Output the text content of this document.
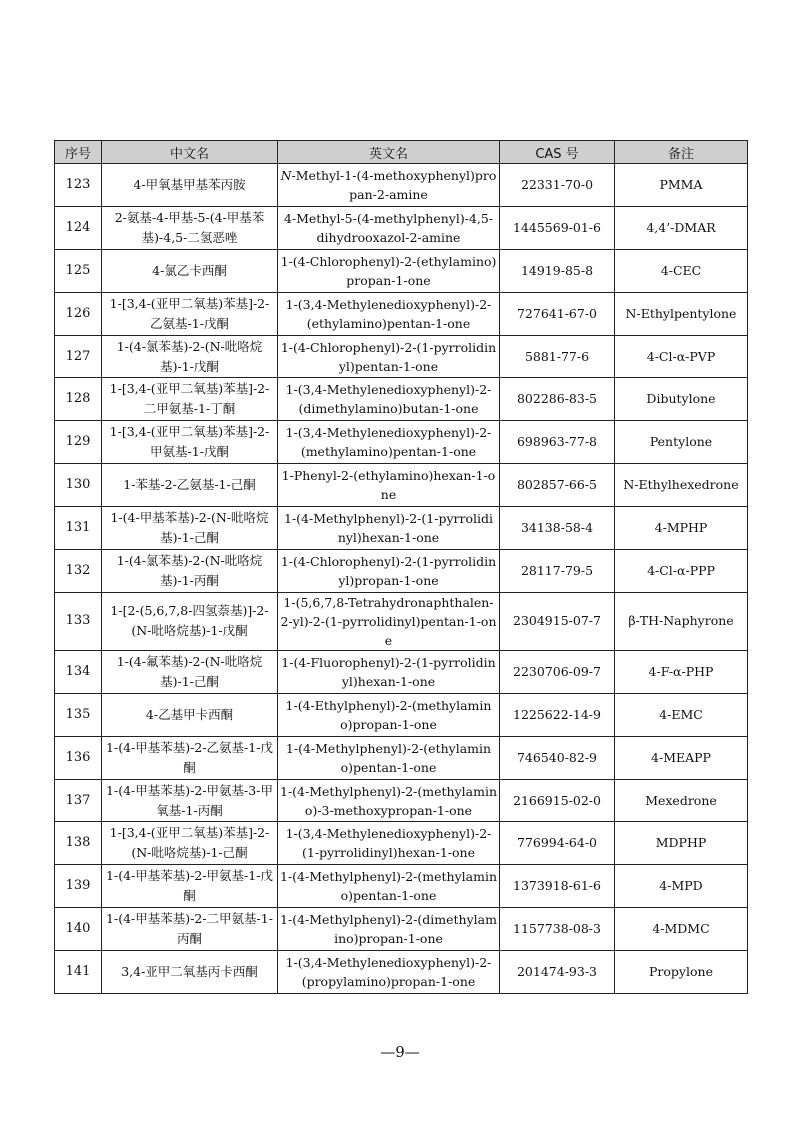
序号	中文名	英文名	CAS 号	备注
123	4-甲氧基甲基苯丙胺	N-Methyl-1-(4-methoxyphenyl)propan-2-amine	22331-70-0	PMMA
124	2-氨基-4-甲基-5-(4-甲基苯基)-4,5-二氢恶唑	4-Methyl-5-(4-methylphenyl)-4,5-dihydrooxazol-2-amine	1445569-01-6	4,4’-DMAR
125	4-氯乙卡西酮	1-(4-Chlorophenyl)-2-(ethylamino)propan-1-one	14919-85-8	4-CEC
126	1-[3,4-(亚甲二氧基)苯基]-2-乙氨基-1-戊酮	1-(3,4-Methylenedioxyphenyl)-2-(ethylamino)pentan-1-one	727641-67-0	N-Ethylpentylone
127	1-(4-氯苯基)-2-(N-吡咯烷基)-1-戊酮	1-(4-Chlorophenyl)-2-(1-pyrrolidinyl)pentan-1-one	5881-77-6	4-Cl-α-PVP
128	1-[3,4-(亚甲二氧基)苯基]-2-二甲氨基-1-丁酮	1-(3,4-Methylenedioxyphenyl)-2-(dimethylamino)butan-1-one	802286-83-5	Dibutylone
129	1-[3,4-(亚甲二氧基)苯基]-2-甲氨基-1-戊酮	1-(3,4-Methylenedioxyphenyl)-2-(methylamino)pentan-1-one	698963-77-8	Pentylone
130	1-苯基-2-乙氨基-1-己酮	1-Phenyl-2-(ethylamino)hexan-1-one	802857-66-5	N-Ethylhexedrone
131	1-(4-甲基苯基)-2-(N-吡咯烷基)-1-己酮	1-(4-Methylphenyl)-2-(1-pyrrolidinyl)hexan-1-one	34138-58-4	4-MPHP
132	1-(4-氯苯基)-2-(N-吡咯烷基)-1-丙酮	1-(4-Chlorophenyl)-2-(1-pyrrolidinyl)propan-1-one	28117-79-5	4-Cl-α-PPP
133	1-[2-(5,6,7,8-四氢萘基)]-2-(N-吡咯烷基)-1-戊酮	1-(5,6,7,8-Tetrahydronaphthalen-2-yl)-2-(1-pyrrolidinyl)pentan-1-one	2304915-07-7	β-TH-Naphyrone
134	1-(4-氟苯基)-2-(N-吡咯烷基)-1-己酮	1-(4-Fluorophenyl)-2-(1-pyrrolidinyl)hexan-1-one	2230706-09-7	4-F-α-PHP
135	4-乙基甲卡西酮	1-(4-Ethylphenyl)-2-(methylamino)propan-1-one	1225622-14-9	4-EMC
136	1-(4-甲基苯基)-2-乙氨基-1-戊酮	1-(4-Methylphenyl)-2-(ethylamino)pentan-1-one	746540-82-9	4-MEAPP
137	1-(4-甲基苯基)-2-甲氨基-3-甲氧基-1-丙酮	1-(4-Methylphenyl)-2-(methylamino)-3-methoxypropan-1-one	2166915-02-0	Mexedrone
138	1-[3,4-(亚甲二氧基)苯基]-2-(N-吡咯烷基)-1-己酮	1-(3,4-Methylenedioxyphenyl)-2-(1-pyrrolidinyl)hexan-1-one	776994-64-0	MDPHP
139	1-(4-甲基苯基)-2-甲氨基-1-戊酮	1-(4-Methylphenyl)-2-(methylamino)pentan-1-one	1373918-61-6	4-MPD
140	1-(4-甲基苯基)-2-二甲氨基-1-丙酮	1-(4-Methylphenyl)-2-(dimethylamino)propan-1-one	1157738-08-3	4-MDMC
141	3,4-亚甲二氧基丙卡西酮	1-(3,4-Methylenedioxyphenyl)-2-(propylamino)propan-1-one	201474-93-3	Propylone
—9—
